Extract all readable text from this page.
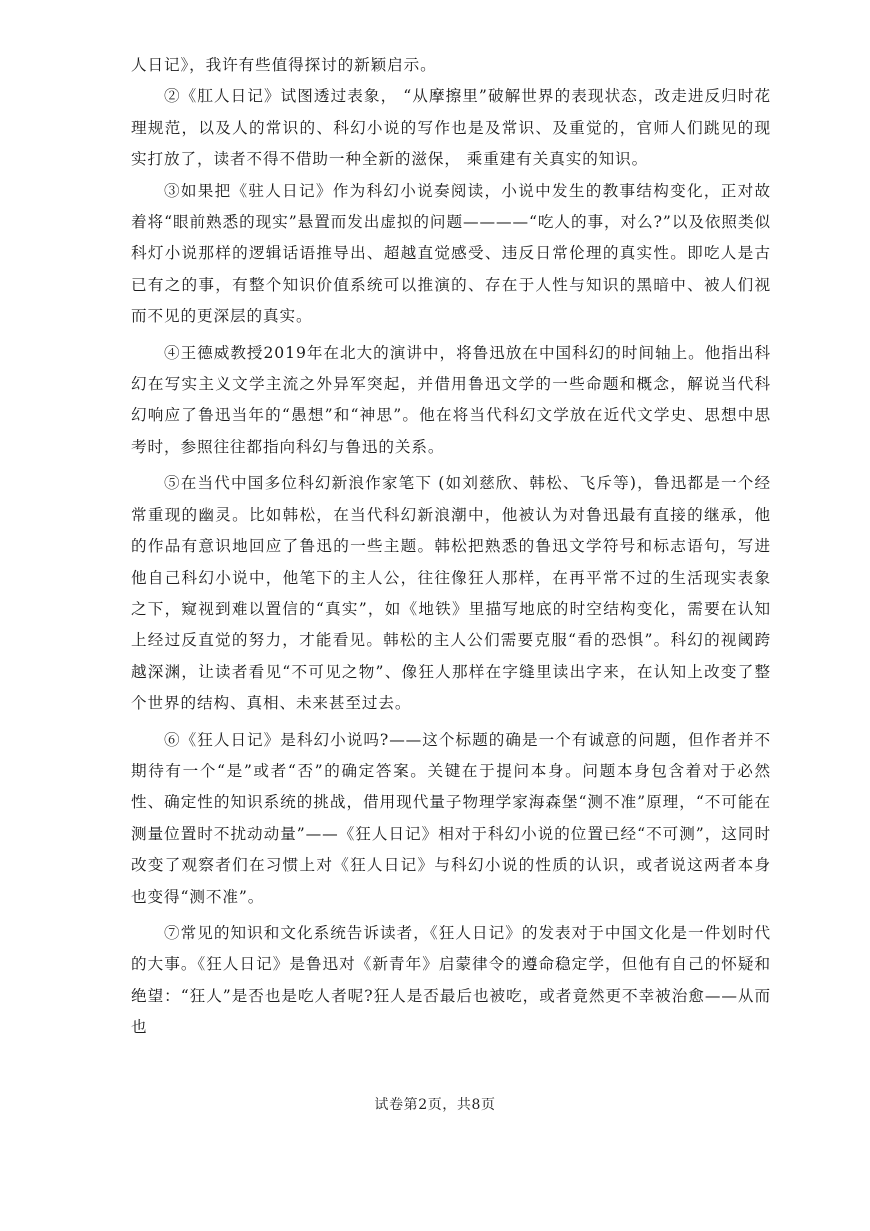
人日记》，我许有些值得探讨的新颖启示。

②《肛人日记》试图透过表象， “从摩擦里”破解世界的表现状态，改走进反归时花理规范，以及人的常识的、科幻小说的写作也是及常识、及重觉的，官师人们跳见的现实打放了，读者不得不借助一种全新的滋保， 乘重建有关真实的知识。

③如果把《驻人日记》作为科幻小说奏阅读，小说中发生的教事结构变化，正对故着将“眼前熟悉的现实”悬置而发出虚拟的问题————“吃人的事，对么?”以及依照类似科灯小说那样的逻辑话语推导出、超越直觉感受、违反日常伦理的真实性。即吃人是古已有之的事，有整个知识价值系统可以推演的、存在于人性与知识的黑暗中、被人们视而不见的更深层的真实。

④王德威教授2019年在北大的演讲中，将鲁迅放在中国科幻的时间轴上。他指出科幻在写实主义文学主流之外异军突起，并借用鲁迅文学的一些命题和概念，解说当代科幻响应了鲁迅当年的“愚想”和“神思”。他在将当代科幻文学放在近代文学史、思想中思考时，参照往往都指向科幻与鲁迅的关系。

⑤在当代中国多位科幻新浪作家笔下 (如刘慈欣、韩松、飞斥等)，鲁迅都是一个经常重现的幽灵。比如韩松，在当代科幻新浪潮中，他被认为对鲁迅最有直接的继承，他的作品有意识地回应了鲁迅的一些主题。韩松把熟悉的鲁迅文学符号和标志语句，写进他自己科幻小说中，他笔下的主人公，往往像狂人那样，在再平常不过的生活现实表象之下，窥视到难以置信的“真实”，如《地铁》里描写地底的时空结构变化，需要在认知上经过反直觉的努力，才能看见。韩松的主人公们需要克服“看的恐惧”。科幻的视阈跨越深渊，让读者看见“不可见之物”、像狂人那样在字缝里读出字来，在认知上改变了整个世界的结构、真相、未来甚至过去。

⑥《狂人日记》是科幻小说吗?——这个标题的确是一个有诚意的问题，但作者并不期待有一个“是”或者“否”的确定答案。关键在于提问本身。问题本身包含着对于必然性、确定性的知识系统的挑战，借用现代量子物理学家海森堡“测不准”原理，“不可能在测量位置时不扰动动量”——《狂人日记》相对于科幻小说的位置已经“不可测”，这同时改变了观察者们在习惯上对《狂人日记》与科幻小说的性质的认识，或者说这两者本身也变得“测不准”。

⑦常见的知识和文化系统告诉读者，《狂人日记》的发表对于中国文化是一件划时代的大事。《狂人日记》是鲁迅对《新青年》启蒙律令的遵命稳定学，但他有自己的怀疑和绝望：“狂人”是否也是吃人者呢?狂人是否最后也被吃，或者竟然更不幸被治愈——从而也

试卷第2页，共8页
